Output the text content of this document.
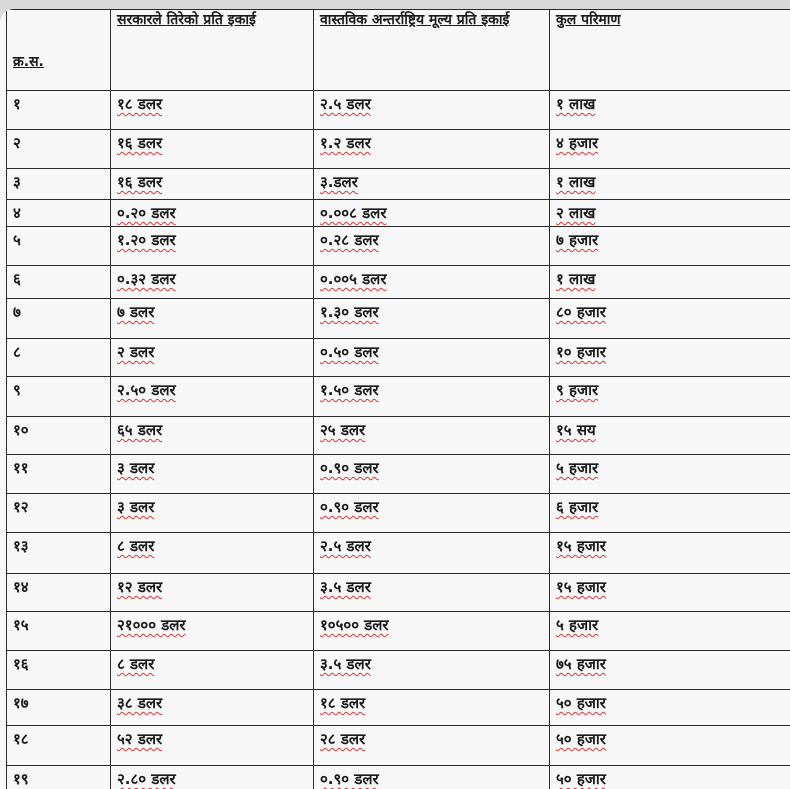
क्र.स.	सरकारले तिरेको प्रति इकाई	वास्तविक अन्तर्राष्ट्रिय मूल्य प्रति इकाई	कुल परिमाण
१	१८ डलर	२.५ डलर	१ लाख
२	१६ डलर	१.२ डलर	४ हजार
३	१६ डलर	३.डलर	१ लाख
४	०.२० डलर	०.००८ डलर	२ लाख
५	१.२० डलर	०.२८ डलर	७ हजार
६	०.३२ डलर	०.००५ डलर	१ लाख
७	७ डलर	१.३० डलर	८० हजार
८	२ डलर	०.५० डलर	१० हजार
९	२.५० डलर	१.५० डलर	९ हजार
१०	६५ डलर	२५ डलर	१५ सय
११	३ डलर	०.९० डलर	५ हजार
१२	३ डलर	०.९० डलर	६ हजार
१३	८ डलर	२.५ डलर	१५ हजार
१४	१२ डलर	३.५ डलर	१५ हजार
१५	२१००० डलर	१०५०० डलर	५ हजार
१६	८ डलर	३.५ डलर	७५ हजार
१७	३८ डलर	१८ डलर	५० हजार
१८	५२ डलर	२८ डलर	५० हजार
१९	२.८० डलर	०.९० डलर	५० हजार
